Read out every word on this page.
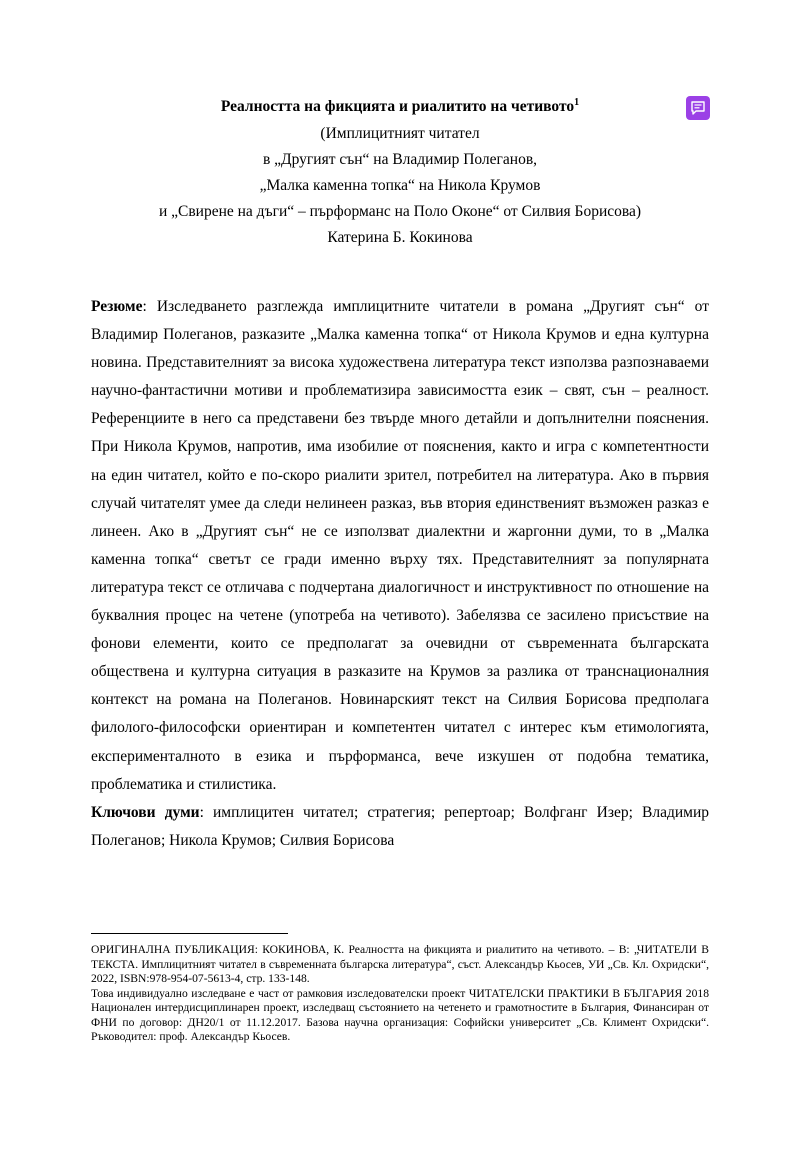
Реалността на фикцията и риалитито на четивото$^1$

(Имплицитният читател

в „Другият сън“ на Владимир Полеганов,

„Малка каменна топка“ на Никола Крумов

и „Свирене на дъги“ – пърформанс на Поло Оконе“ от Силвия Борисова)

Катерина Б. Кокинова

Резюме: Изследването разглежда имплицитните читатели в романа „Другият сън“ от Владимир Полеганов, разказите „Малка каменна топка“ от Никола Крумов и една културна новина. Представителният за висока художествена литература текст използва разпознаваеми научно-фантастични мотиви и проблематизира зависимостта език – свят, сън – реалност. Референциите в него са представени без твърде много детайли и допълнителни пояснения. При Никола Крумов, напротив, има изобилие от пояснения, както и игра с компетентности на един читател, който е по-скоро риалити зрител, потребител на литература. Ако в първия случай читателят умее да следи нелинеен разказ, във втория единственият възможен разказ е линеен. Ако в „Другият сън“ не се използват диалектни и жаргонни думи, то в „Малка каменна топка“ светът се гради именно върху тях. Представителният за популярната литература текст се отличава с подчертана диалогичност и инструктивност по отношение на буквалния процес на четене (употреба на четивото). Забелязва се засилено присъствие на фонови елементи, които се предполагат за очевидни от съвременната българската обществена и културна ситуация в разказите на Крумов за разлика от транснационалния контекст на романа на Полеганов. Новинарският текст на Силвия Борисова предполага филолого-философски ориентиран и компетентен читател с интерес към етимологията, експерименталното в езика и пърформанса, вече изкушен от подобна тематика, проблематика и стилистика.

Ключови думи: имплицитен читател; стратегия; репертоар; Волфганг Изер; Владимир Полеганов; Никола Крумов; Силвия Борисова

ОРИГИНАЛНА ПУБЛИКАЦИЯ: КОКИНОВА, К. Реалността на фикцията и риалитито на четивото. – В: „ЧИТАТЕЛИ В ТЕКСТА. Имплицитният читател в съвременната българска литература“, съст. Александър Кьосев, УИ „Св. Кл. Охридски“, 2022, ISBN:978-954-07-5613-4, стр. 133-148.

Това индивидуално изследване е част от рамковия изследователски проект ЧИТАТЕЛСКИ ПРАКТИКИ В БЪЛГАРИЯ 2018 Национален интердисциплинарен проект, изследващ състоянието на четенето и грамотностите в България, Финансиран от ФНИ по договор: ДН20/1 от 11.12.2017. Базова научна организация: Софийски университет „Св. Климент Охридски“. Ръководител: проф. Александър Кьосев.
